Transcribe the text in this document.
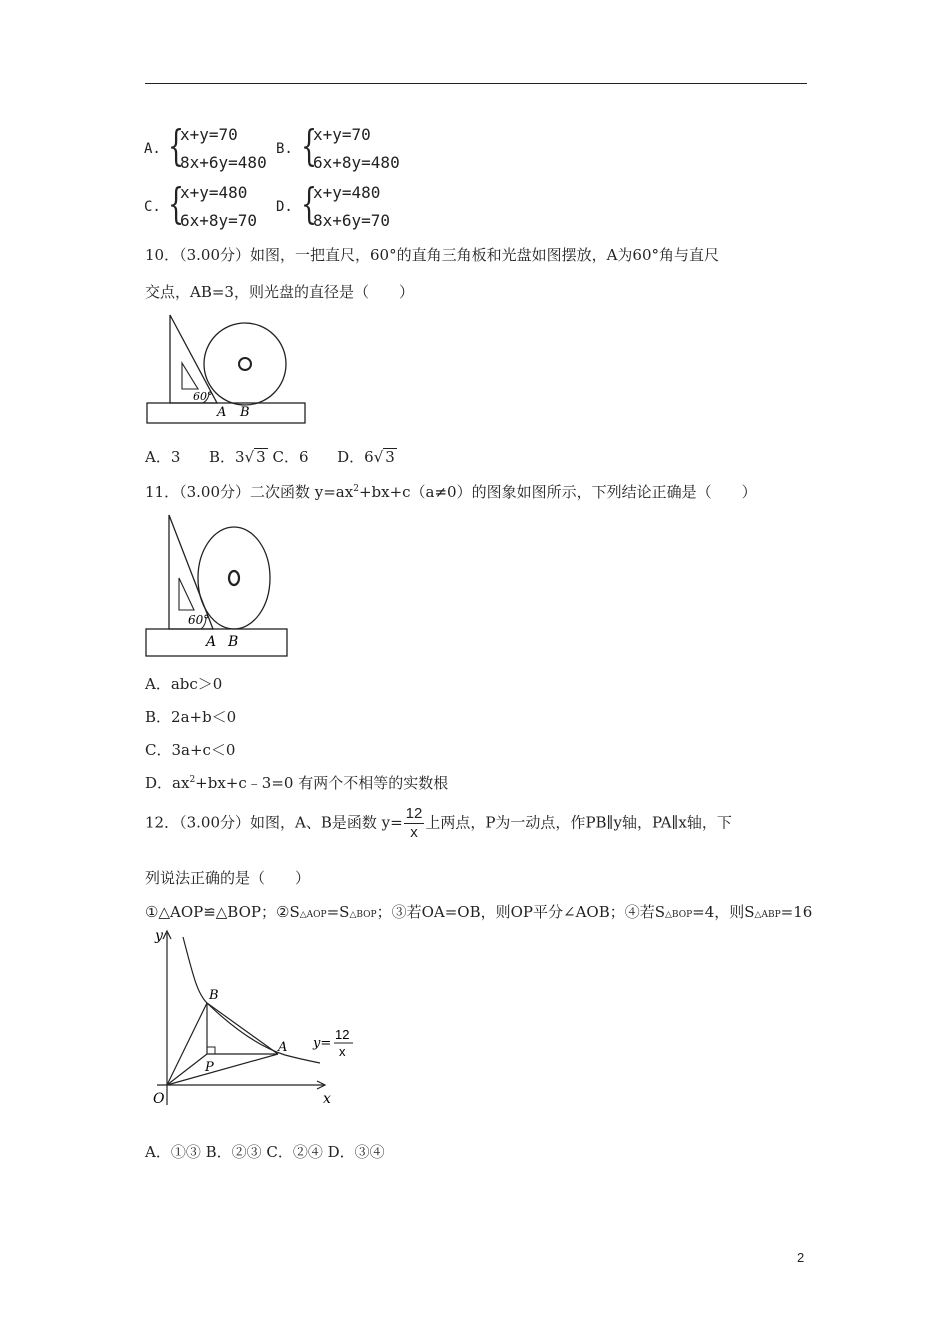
A. {
x+y=70
8x+6y=480
B. {
x+y=70
6x+8y=480
C. {
x+y=480
6x+8y=70
D. {
x+y=480
8x+6y=70
10．（3.00分）如图，一把直尺，60°的直角三角板和光盘如图摆放，A为60°角与直尺
交点，AB=3，则光盘的直径是（　　）
60°
A B
A．3 B．3√ 3 C．6 D．6√ 3
11．（3.00分）二次函数 $y=ax^2+bx+c(a\ne 0)$的图象如图所示，下列结论正确是（　　）
60°
A B
A．abc＞0
B．2a+b＜0
C．3a+c＜0
D．$ax^2+bx+c﹣3=0$ 有两个不相等的实数根
12．（3.00分）如图，A、B是函数 $y= \frac{12}{x}$ 上两点，P为一动点，作PB∥y轴，PA∥x轴，下
列说法正确的是（　　）
①△AOP≌△BOP；②S△AOP=S△BOP；③若OA=OB，则OP平分∠AOB；④若S△BOP=4，则S△ABP=16
y
x
O
B
P
A y=
12
x
A．①③ B．②③ C．②④ D．③④
2
